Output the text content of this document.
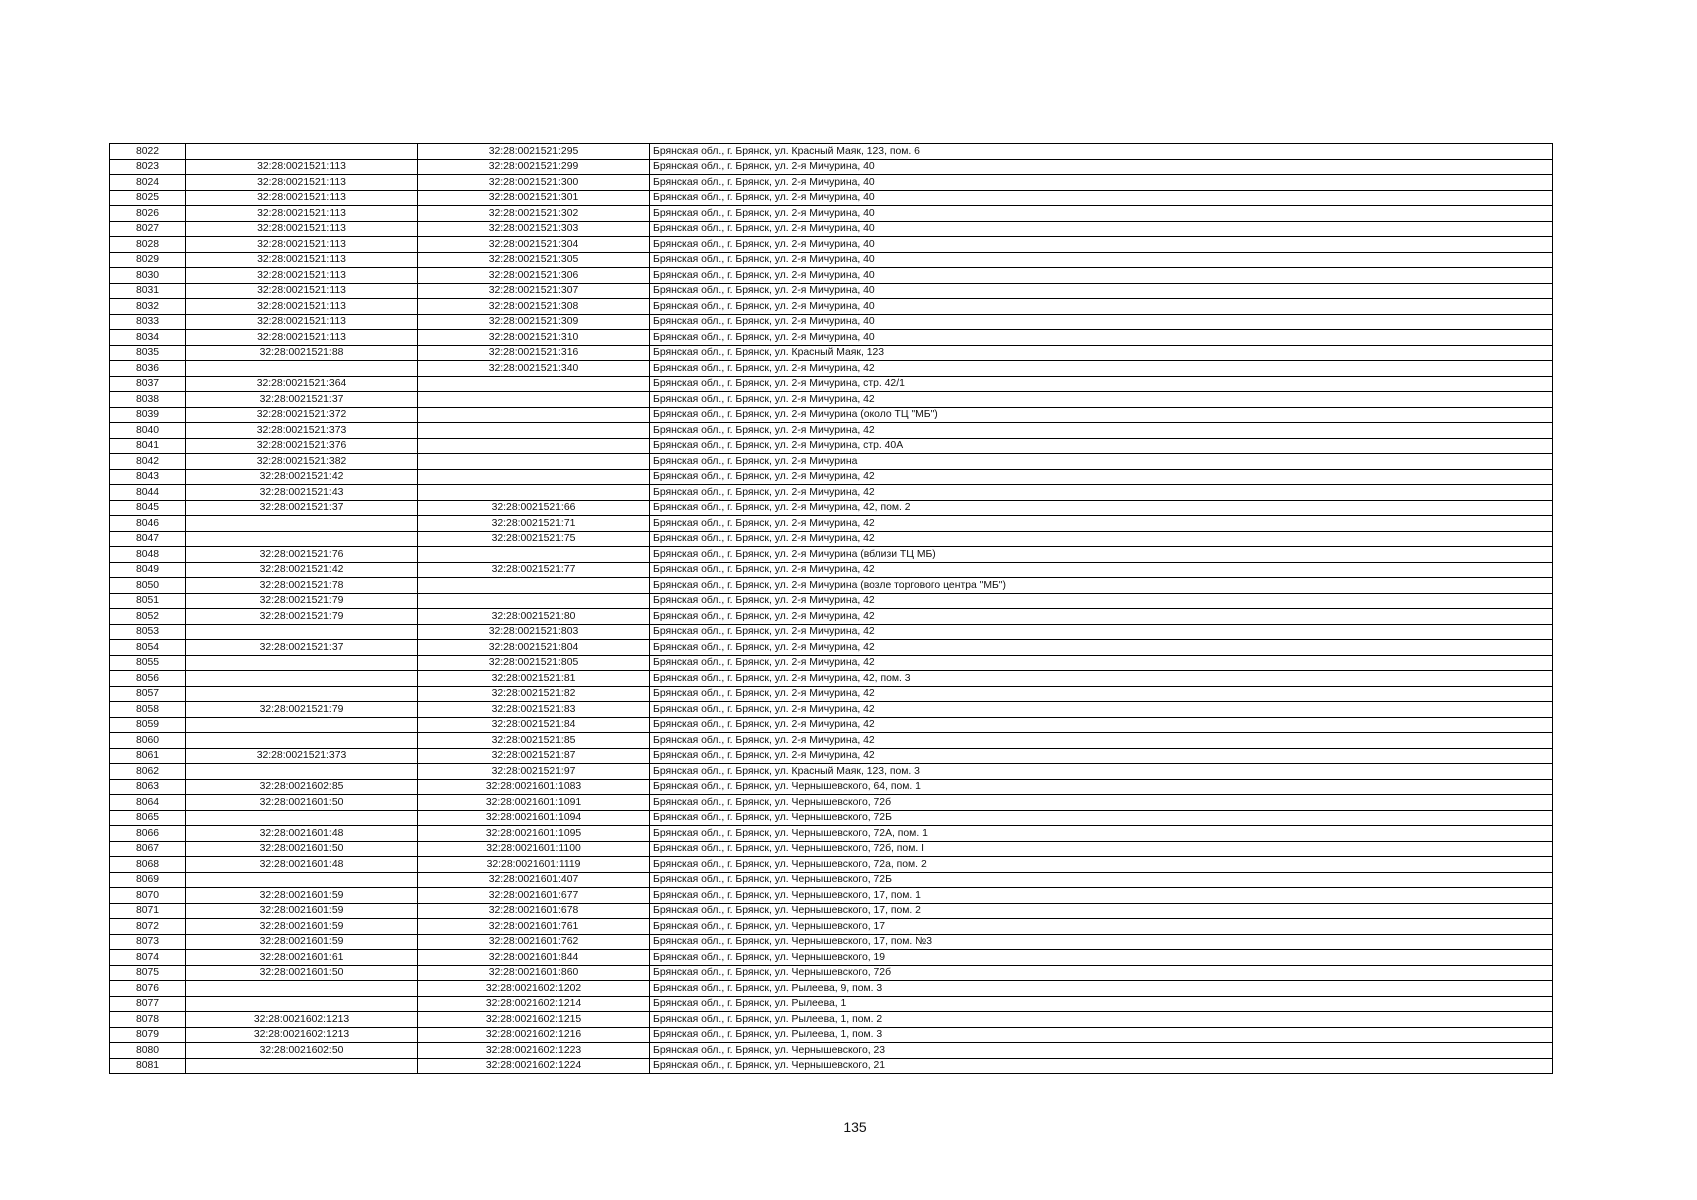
8022		32:28:0021521:295	Брянская обл., г. Брянск, ул. Красный Маяк, 123, пом. 6
8023	32:28:0021521:113	32:28:0021521:299	Брянская обл., г. Брянск, ул. 2-я Мичурина, 40
8024	32:28:0021521:113	32:28:0021521:300	Брянская обл., г. Брянск, ул. 2-я Мичурина, 40
8025	32:28:0021521:113	32:28:0021521:301	Брянская обл., г. Брянск, ул. 2-я Мичурина, 40
8026	32:28:0021521:113	32:28:0021521:302	Брянская обл., г. Брянск, ул. 2-я Мичурина, 40
8027	32:28:0021521:113	32:28:0021521:303	Брянская обл., г. Брянск, ул. 2-я Мичурина, 40
8028	32:28:0021521:113	32:28:0021521:304	Брянская обл., г. Брянск, ул. 2-я Мичурина, 40
8029	32:28:0021521:113	32:28:0021521:305	Брянская обл., г. Брянск, ул. 2-я Мичурина, 40
8030	32:28:0021521:113	32:28:0021521:306	Брянская обл., г. Брянск, ул. 2-я Мичурина, 40
8031	32:28:0021521:113	32:28:0021521:307	Брянская обл., г. Брянск, ул. 2-я Мичурина, 40
8032	32:28:0021521:113	32:28:0021521:308	Брянская обл., г. Брянск, ул. 2-я Мичурина, 40
8033	32:28:0021521:113	32:28:0021521:309	Брянская обл., г. Брянск, ул. 2-я Мичурина, 40
8034	32:28:0021521:113	32:28:0021521:310	Брянская обл., г. Брянск, ул. 2-я Мичурина, 40
8035	32:28:0021521:88	32:28:0021521:316	Брянская обл., г. Брянск, ул. Красный Маяк, 123
8036		32:28:0021521:340	Брянская обл., г. Брянск, ул. 2-я Мичурина, 42
8037	32:28:0021521:364		Брянская обл., г. Брянск, ул. 2-я Мичурина, стр. 42/1
8038	32:28:0021521:37		Брянская обл., г. Брянск, ул. 2-я Мичурина, 42
8039	32:28:0021521:372		Брянская обл., г. Брянск, ул. 2-я Мичурина (около ТЦ "МБ")
8040	32:28:0021521:373		Брянская обл., г. Брянск, ул. 2-я Мичурина, 42
8041	32:28:0021521:376		Брянская обл., г. Брянск, ул. 2-я Мичурина, стр. 40А
8042	32:28:0021521:382		Брянская обл., г. Брянск, ул. 2-я Мичурина
8043	32:28:0021521:42		Брянская обл., г. Брянск, ул. 2-я Мичурина, 42
8044	32:28:0021521:43		Брянская обл., г. Брянск, ул. 2-я Мичурина, 42
8045	32:28:0021521:37	32:28:0021521:66	Брянская обл., г. Брянск, ул. 2-я Мичурина, 42, пом. 2
8046		32:28:0021521:71	Брянская обл., г. Брянск, ул. 2-я Мичурина, 42
8047		32:28:0021521:75	Брянская обл., г. Брянск, ул. 2-я Мичурина, 42
8048	32:28:0021521:76		Брянская обл., г. Брянск, ул. 2-я Мичурина (вблизи ТЦ МБ)
8049	32:28:0021521:42	32:28:0021521:77	Брянская обл., г. Брянск, ул. 2-я Мичурина, 42
8050	32:28:0021521:78		Брянская обл., г. Брянск, ул. 2-я Мичурина (возле торгового центра "МБ")
8051	32:28:0021521:79		Брянская обл., г. Брянск, ул. 2-я Мичурина, 42
8052	32:28:0021521:79	32:28:0021521:80	Брянская обл., г. Брянск, ул. 2-я Мичурина, 42
8053		32:28:0021521:803	Брянская обл., г. Брянск, ул. 2-я Мичурина, 42
8054	32:28:0021521:37	32:28:0021521:804	Брянская обл., г. Брянск, ул. 2-я Мичурина, 42
8055		32:28:0021521:805	Брянская обл., г. Брянск, ул. 2-я Мичурина, 42
8056		32:28:0021521:81	Брянская обл., г. Брянск, ул. 2-я Мичурина, 42, пом. 3
8057		32:28:0021521:82	Брянская обл., г. Брянск, ул. 2-я Мичурина, 42
8058	32:28:0021521:79	32:28:0021521:83	Брянская обл., г. Брянск, ул. 2-я Мичурина, 42
8059		32:28:0021521:84	Брянская обл., г. Брянск, ул. 2-я Мичурина, 42
8060		32:28:0021521:85	Брянская обл., г. Брянск, ул. 2-я Мичурина, 42
8061	32:28:0021521:373	32:28:0021521:87	Брянская обл., г. Брянск, ул. 2-я Мичурина, 42
8062		32:28:0021521:97	Брянская обл., г. Брянск, ул. Красный Маяк, 123, пом. 3
8063	32:28:0021602:85	32:28:0021601:1083	Брянская обл., г. Брянск, ул. Чернышевского, 64, пом. 1
8064	32:28:0021601:50	32:28:0021601:1091	Брянская обл., г. Брянск, ул. Чернышевского, 72б
8065		32:28:0021601:1094	Брянская обл., г. Брянск, ул. Чернышевского, 72Б
8066	32:28:0021601:48	32:28:0021601:1095	Брянская обл., г. Брянск, ул. Чернышевского, 72А, пом. 1
8067	32:28:0021601:50	32:28:0021601:1100	Брянская обл., г. Брянск, ул. Чернышевского, 72б, пом. I
8068	32:28:0021601:48	32:28:0021601:1119	Брянская обл., г. Брянск, ул. Чернышевского, 72а, пом. 2
8069		32:28:0021601:407	Брянская обл., г. Брянск, ул. Чернышевского, 72Б
8070	32:28:0021601:59	32:28:0021601:677	Брянская обл., г. Брянск, ул. Чернышевского, 17, пом. 1
8071	32:28:0021601:59	32:28:0021601:678	Брянская обл., г. Брянск, ул. Чернышевского, 17, пом. 2
8072	32:28:0021601:59	32:28:0021601:761	Брянская обл., г. Брянск, ул. Чернышевского, 17
8073	32:28:0021601:59	32:28:0021601:762	Брянская обл., г. Брянск, ул. Чернышевского, 17, пом. №3
8074	32:28:0021601:61	32:28:0021601:844	Брянская обл., г. Брянск, ул. Чернышевского, 19
8075	32:28:0021601:50	32:28:0021601:860	Брянская обл., г. Брянск, ул. Чернышевского, 72б
8076		32:28:0021602:1202	Брянская обл., г. Брянск, ул. Рылеева, 9, пом. 3
8077		32:28:0021602:1214	Брянская обл., г. Брянск, ул. Рылеева, 1
8078	32:28:0021602:1213	32:28:0021602:1215	Брянская обл., г. Брянск, ул. Рылеева, 1, пом. 2
8079	32:28:0021602:1213	32:28:0021602:1216	Брянская обл., г. Брянск, ул. Рылеева, 1, пом. 3
8080	32:28:0021602:50	32:28:0021602:1223	Брянская обл., г. Брянск, ул. Чернышевского, 23
8081		32:28:0021602:1224	Брянская обл., г. Брянск, ул. Чернышевского, 21
135
